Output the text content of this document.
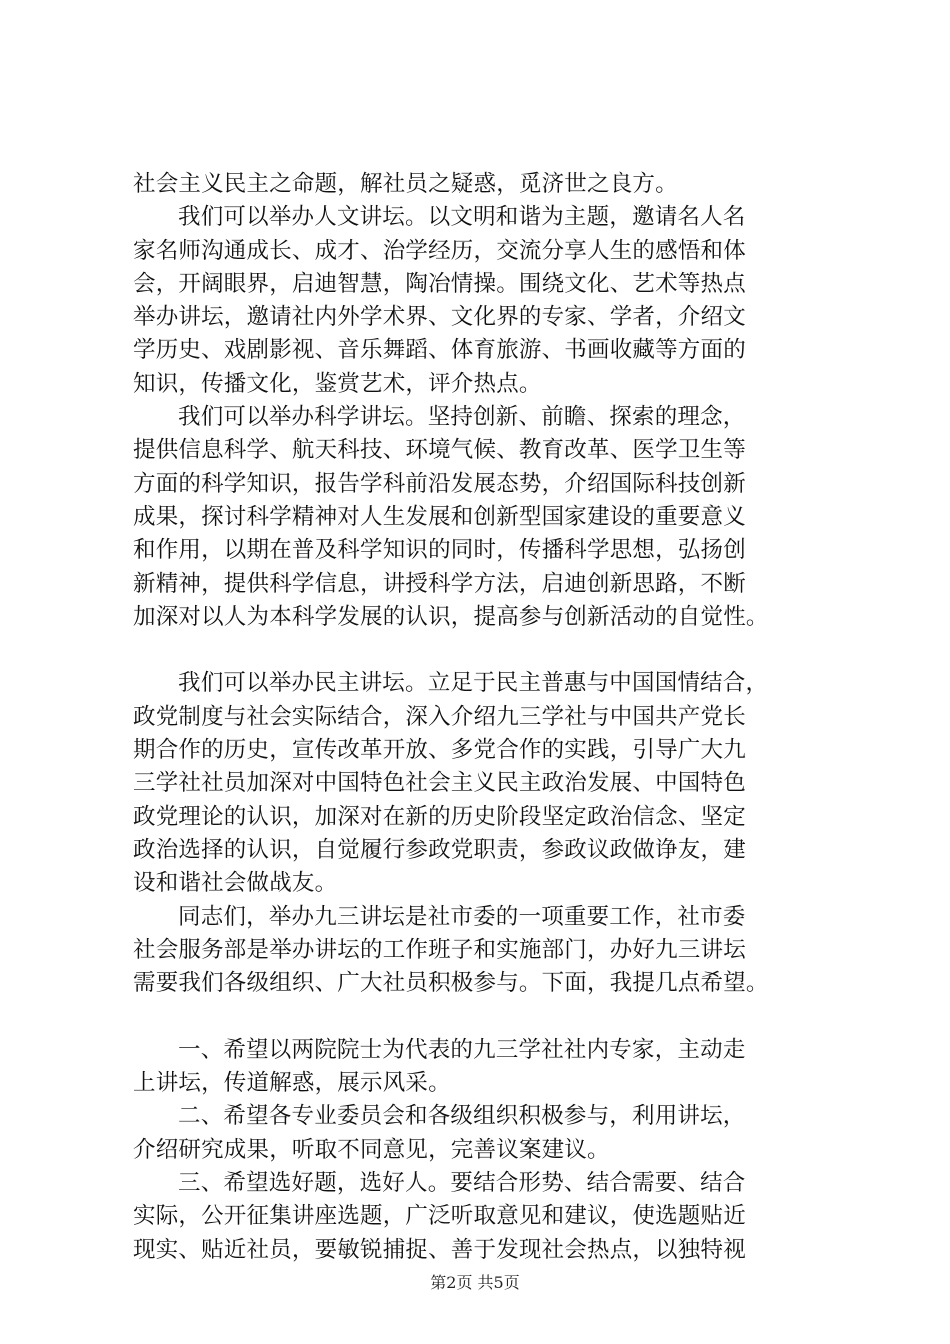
社会主义民主之命题，解社员之疑惑，觅济世之良方。
我们可以举办人文讲坛。以文明和谐为主题，邀请名人名
家名师沟通成长、成才、治学经历，交流分享人生的感悟和体
会，开阔眼界，启迪智慧，陶冶情操。围绕文化、艺术等热点
举办讲坛，邀请社内外学术界、文化界的专家、学者，介绍文
学历史、戏剧影视、音乐舞蹈、体育旅游、书画收藏等方面的
知识，传播文化，鉴赏艺术，评介热点。
我们可以举办科学讲坛。坚持创新、前瞻、探索的理念，
提供信息科学、航天科技、环境气候、教育改革、医学卫生等
方面的科学知识，报告学科前沿发展态势，介绍国际科技创新
成果，探讨科学精神对人生发展和创新型国家建设的重要意义
和作用，以期在普及科学知识的同时，传播科学思想，弘扬创
新精神，提供科学信息，讲授科学方法，启迪创新思路，不断
加深对以人为本科学发展的认识，提高参与创新活动的自觉性。
我们可以举办民主讲坛。立足于民主普惠与中国国情结合，
政党制度与社会实际结合，深入介绍九三学社与中国共产党长
期合作的历史，宣传改革开放、多党合作的实践，引导广大九
三学社社员加深对中国特色社会主义民主政治发展、中国特色
政党理论的认识，加深对在新的历史阶段坚定政治信念、坚定
政治选择的认识，自觉履行参政党职责，参政议政做诤友，建
设和谐社会做战友。
同志们，举办九三讲坛是社市委的一项重要工作，社市委
社会服务部是举办讲坛的工作班子和实施部门，办好九三讲坛
需要我们各级组织、广大社员积极参与。下面，我提几点希望。
一、希望以两院院士为代表的九三学社社内专家，主动走
上讲坛，传道解惑，展示风采。
二、希望各专业委员会和各级组织积极参与，利用讲坛，
介绍研究成果，听取不同意见，完善议案建议。
三、希望选好题，选好人。要结合形势、结合需要、结合
实际，公开征集讲座选题，广泛听取意见和建议，使选题贴近
现实、贴近社员，要敏锐捕捉、善于发现社会热点，以独特视
第2页 共5页
